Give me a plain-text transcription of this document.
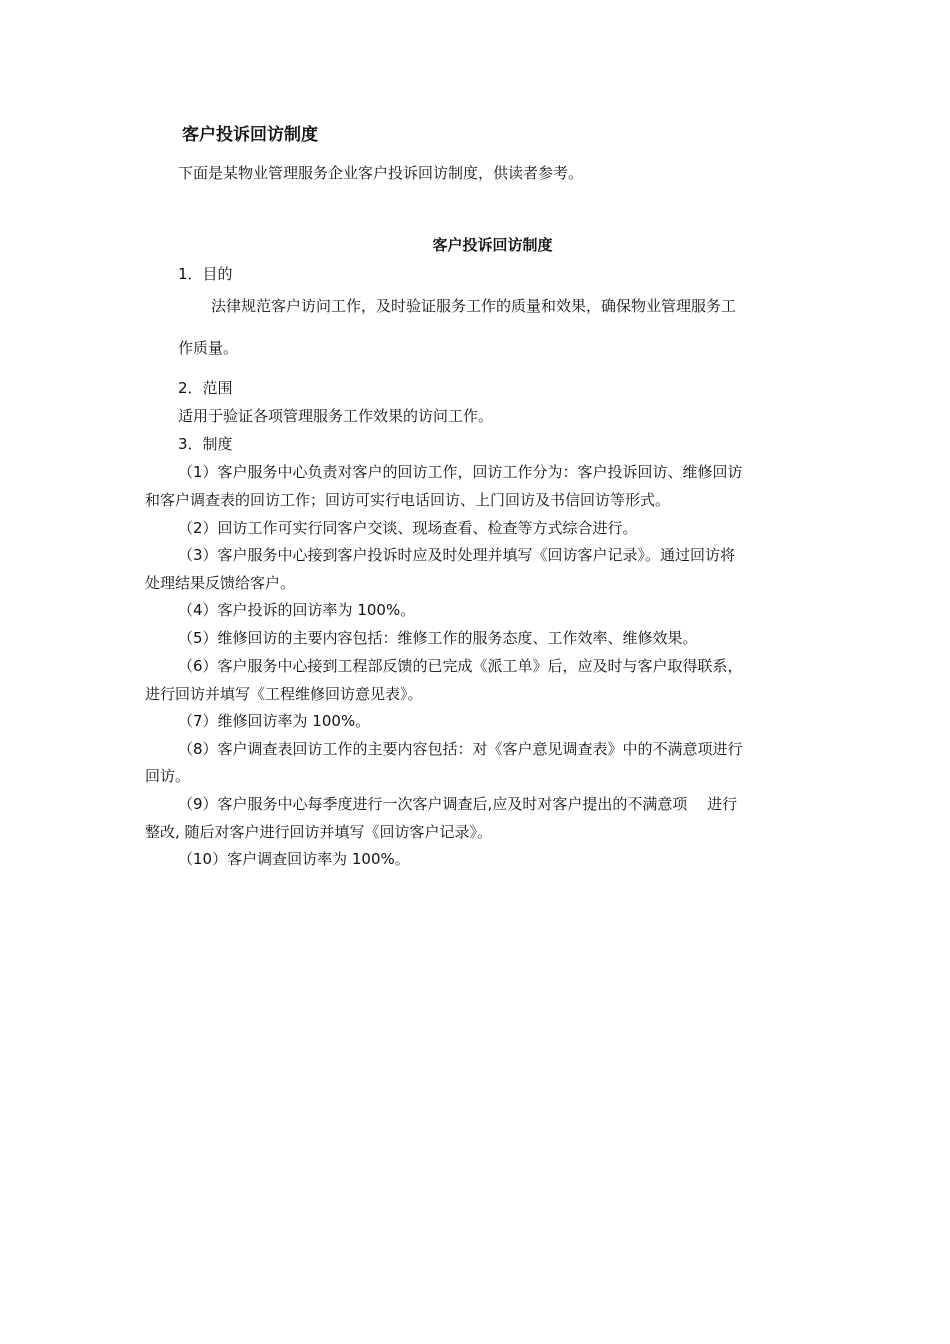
客户投诉回访制度
下面是某物业管理服务企业客户投诉回访制度，供读者参考。
客户投诉回访制度
1．目的
法律规范客户访问工作，及时验证服务工作的质量和效果，确保物业管理服务工
作质量。
2．范围
适用于验证各项管理服务工作效果的访问工作。
3．制度
（1）客户服务中心负责对客户的回访工作，回访工作分为：客户投诉回访、维修回访
和客户调查表的回访工作；回访可实行电话回访、上门回访及书信回访等形式。
（2）回访工作可实行同客户交谈、现场查看、检查等方式综合进行。
（3）客户服务中心接到客户投诉时应及时处理并填写《回访客户记录》。通过回访将
处理结果反馈给客户。
（4）客户投诉的回访率为 100%。
（5）维修回访的主要内容包括：维修工作的服务态度、工作效率、维修效果。
（6）客户服务中心接到工程部反馈的已完成《派工单》后，应及时与客户取得联系，
进行回访并填写《工程维修回访意见表》。
（7）维修回访率为 100%。
（8）客户调查表回访工作的主要内容包括：对《客户意见调查表》中的不满意项进行
回访。
（9）客户服务中心每季度进行一次客户调查后,应及时对客户提出的不满意项　 进行
整改, 随后对客户进行回访并填写《回访客户记录》。
（10）客户调查回访率为 100%。
